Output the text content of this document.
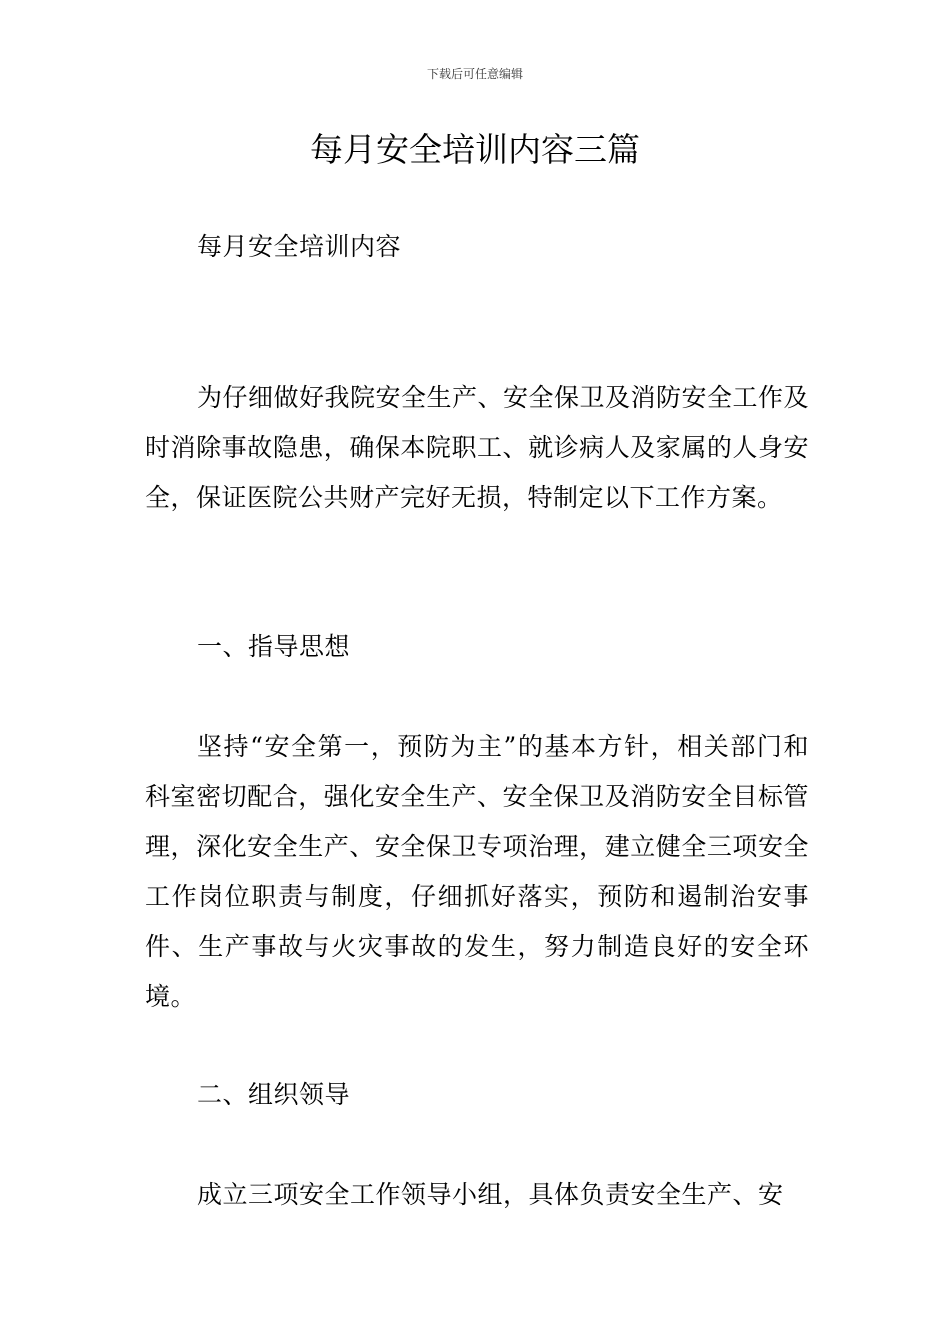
下载后可任意编辑
每月安全培训内容三篇

每月安全培训内容

为仔细做好我院安全生产、安全保卫及消防安全工作及时消除事故隐患，确保本院职工、就诊病人及家属的人身安全，保证医院公共财产完好无损，特制定以下工作方案。

一、指导思想

坚持“安全第一，预防为主”的基本方针，相关部门和科室密切配合，强化安全生产、安全保卫及消防安全目标管理，深化安全生产、安全保卫专项治理，建立健全三项安全工作岗位职责与制度，仔细抓好落实，预防和遏制治安事件、生产事故与火灾事故的发生，努力制造良好的安全环境。

二、组织领导

成立三项安全工作领导小组，具体负责安全生产、安
